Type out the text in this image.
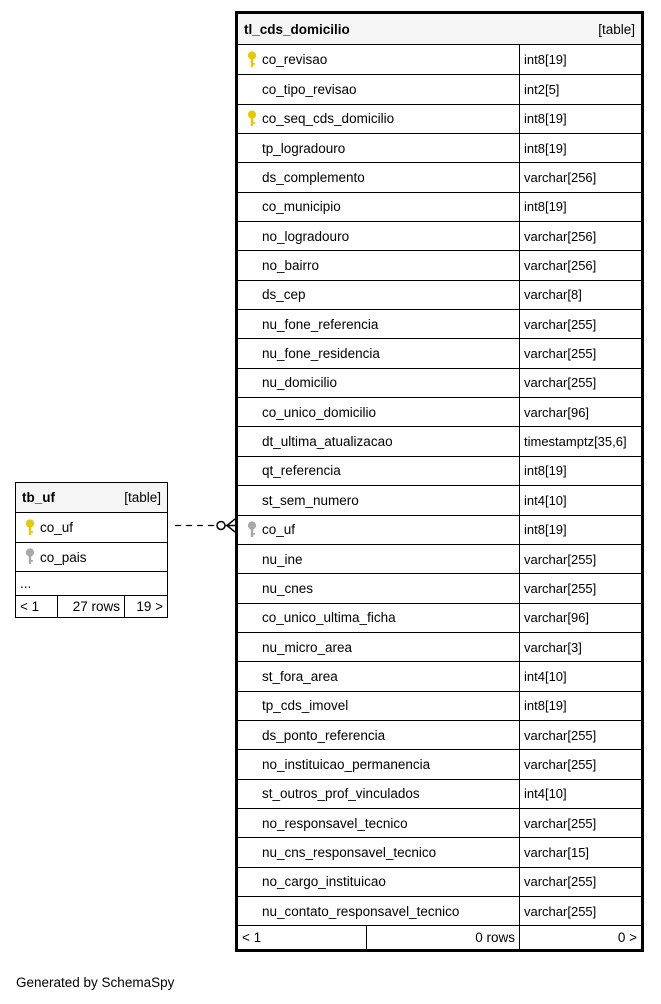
tl_cds_domicilio	[table]
co_revisao	int8[19]
co_tipo_revisao	int2[5]
co_seq_cds_domicilio	int8[19]
tp_logradouro	int8[19]
ds_complemento	varchar[256]
co_municipio	int8[19]
no_logradouro	varchar[256]
no_bairro	varchar[256]
ds_cep	varchar[8]
nu_fone_referencia	varchar[255]
nu_fone_residencia	varchar[255]
nu_domicilio	varchar[255]
co_unico_domicilio	varchar[96]
dt_ultima_atualizacao	timestamptz[35,6]
qt_referencia	int8[19]
st_sem_numero	int4[10]
co_uf	int8[19]
nu_ine	varchar[255]
nu_cnes	varchar[255]
co_unico_ultima_ficha	varchar[96]
nu_micro_area	varchar[3]
st_fora_area	int4[10]
tp_cds_imovel	int8[19]
ds_ponto_referencia	varchar[255]
no_instituicao_permanencia	varchar[255]
st_outros_prof_vinculados	int4[10]
no_responsavel_tecnico	varchar[255]
nu_cns_responsavel_tecnico	varchar[15]
no_cargo_instituicao	varchar[255]
nu_contato_responsavel_tecnico	varchar[255]
< 1	0 rows	0 >
tb_uf	[table]
co_uf
co_pais
...
< 1	27 rows	19 >
Generated by SchemaSpy
